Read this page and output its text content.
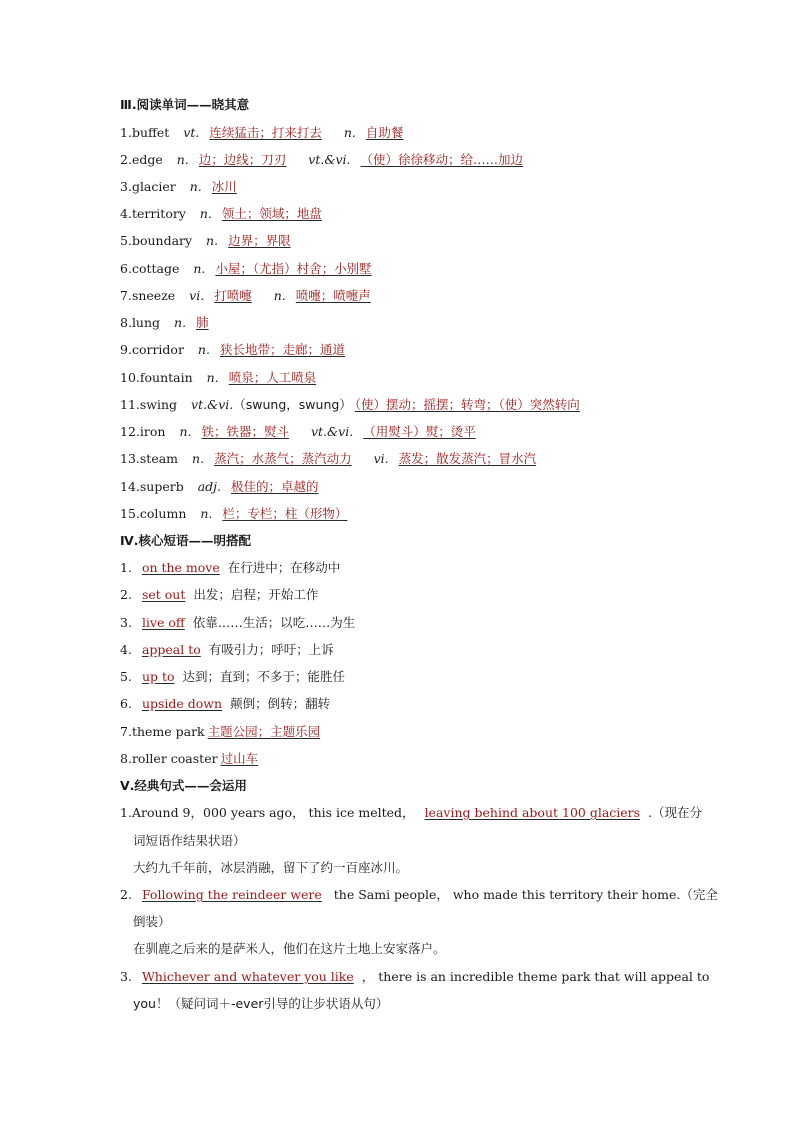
Ⅲ.阅读单词——晓其意
1.buffet vt. 连续猛击；打来打去 n. 自助餐
2.edge n. 边；边线；刀刃 vt.&vi. （使）徐徐移动；给……加边
3.glacier n. 冰川
4.territory n. 领土；领域；地盘
5.boundary n. 边界；界限
6.cottage n. 小屋；（尤指）村舍；小别墅
7.sneeze vi. 打喷嚏 n. 喷嚏；喷嚏声
8.lung n. 肺
9.corridor n. 狭长地带；走廊；通道
10.fountain n. 喷泉；人工喷泉
11.swing vt.&vi.（swung，swung） （使）摆动；摇摆；转弯；（使）突然转向
12.iron n. 铁；铁器；熨斗 vt.&vi. （用熨斗）熨；烫平
13.steam n. 蒸汽；水蒸气；蒸汽动力 vi. 蒸发；散发蒸汽；冒水汽
14.superb adj. 极佳的；卓越的
15.column n. 栏；专栏；柱（形物）
Ⅳ.核心短语——明搭配
1. on the move 在行进中；在移动中
2. set out 出发；启程；开始工作
3. live off 依靠……生活；以吃……为生
4. appeal to 有吸引力；呼吁；上诉
5. up to 达到；直到；不多于；能胜任
6. upside down 颠倒；倒转；翻转
7.theme park 主题公园；主题乐园
8.roller coaster 过山车
Ⅴ.经典句式——会运用
1.Around 9，000 years ago， this ice melted， leaving behind about 100 glaciers .（现在分
词短语作结果状语）
大约九千年前，冰层消融，留下了约一百座冰川。
2. Following the reindeer were the Sami people， who made this territory their home.（完全
倒装）
在驯鹿之后来的是萨米人，他们在这片土地上安家落户。
3. Whichever and whatever you like ， there is an incredible theme park that will appeal to
you！（疑问词＋-ever引导的让步状语从句）
